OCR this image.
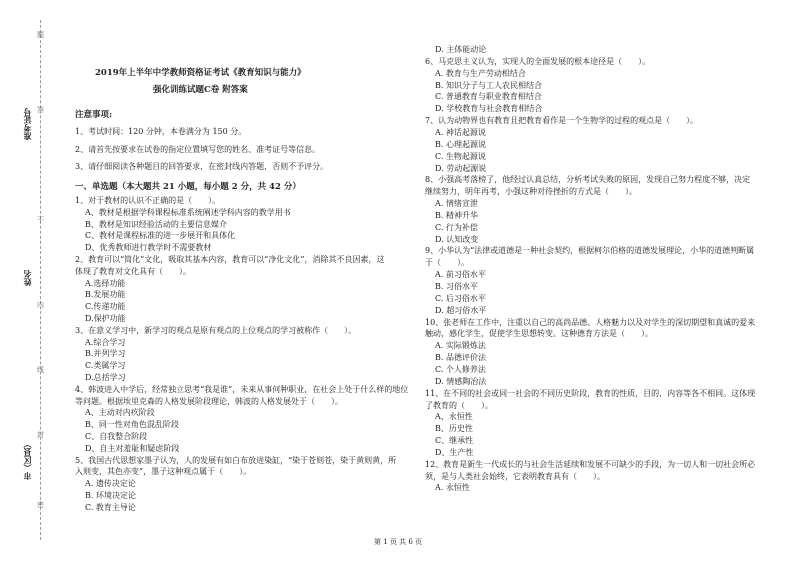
题
答
不
内
线
封
密
准考证号
姓名
市（区县）
2019年上半年中学教师资格证考试《教育知识与能力》
强化训练试题C卷 附答案
注意事项:
1、考试时间：120 分钟，本卷满分为 150 分。
2、请首先按要求在试卷的指定位置填写您的姓名、准考证号等信息。
3、请仔细阅读各种题目的回答要求，在密封线内答题，否则不予评分。
一、单选题（本大题共 21 小题，每小题 2 分，共 42 分）
1、对于教材的认识不正确的是（　　）。
A、教材是根据学科课程标准系统阐述学科内容的教学用书
B、教材是知识经验活动的主要信息媒介
C、教材是课程标准的进一步展开和具体化
D、优秀教师进行教学时不需要教材
2、教育可以“简化”文化，吸取其基本内容，教育可以“净化文化”，消除其不良因素，这
体现了教育对文化具有（　　）。
A.选择功能
B.发展功能
C.传递功能
D.保护功能
3、在意义学习中，新学习的观点是原有观点的上位观点的学习被称作（　　）。
A.综合学习
B.并列学习
C.类属学习
D.总括学习
4、韩波进入中学后，经常独立思考“我是谁”，未来从事何种职业，在社会上处于什么样的地位
等问题。根据埃里克森的人格发展阶段理论，韩波的人格发展处于（　　）。
A、主动对内疚阶段
B、同一性对角色混乱阶段
C、自我整合阶段
D、自主对羞耻和疑虑阶段
5、我国古代思想家墨子认为，人的发展有如白布放进染缸，“染于苍则苍，染于黄则黄，所
入则变，其色亦变”，墨子这种观点属于（　　）。
A. 遗传决定论
B. 环境决定论
C. 教育主导论
D. 主体能动论
6、马克思主义认为，实现人的全面发展的根本途径是（　　）。
A. 教育与生产劳动相结合
B. 知识分子与工人农民相结合
C. 普通教育与职业教育相结合
D. 学校教育与社会教育相结合
7、认为动物界也有教育且把教育看作是一个生物学的过程的观点是（　　）。
A. 神话起源说
B. 心理起源说
C. 生物起源说
D. 劳动起源说
8、小强高考落榜了，他经过认真总结，分析考试失败的原因，发现自己努力程度不够，决定
继续努力，明年再考，小强这种对待挫折的方式是（　　）。
A. 情绪宣泄
B. 精神升华
C. 行为补偿
D. 认知改变
9、小华认为“法律或道德是一种社会契约，根据柯尔伯格的道德发展理论，小华的道德判断属
于（　　）。
A. 前习俗水平
B. 习俗水平
C. 后习俗水平
D. 超习俗水平
10、张老师在工作中，注重以自己的高尚品德、人格魅力以及对学生的深切期望和真诚的爱来
触动，感化学生，促使学生思想转变。这种德育方法是（　　）。
A. 实际锻炼法
B. 品德评价法
C. 个人修养法
D. 情感陶冶法
11、在不同的社会或同一社会的不同历史阶段，教育的性质，目的，内容等各不相同。这体现
了教育的（　　）。
A、永恒性
B、历史性
C、继承性
D、生产性
12、教育是新生一代成长的与社会生活延续和发展不可缺少的手段，为一切人和一切社会所必
须，是与人类社会始终，它表明教育具有（　　）。
A. 永恒性
第 1 页 共 6 页
